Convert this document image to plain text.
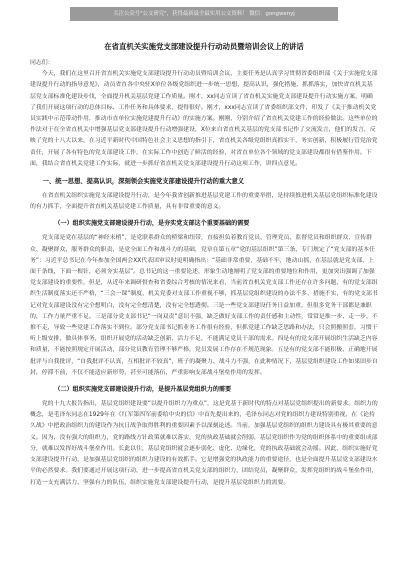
关注公众号"公文研究"，获得最新最全最实用公文资料！ 微信：gongwenyj
在省直机关实施党支部建设提升行动动员暨培训会议上的讲话

同志们：

今天，我们在这里召开省直机关实施党支部建设提升行动动员暨培训会议，主要任务是认真学习贯彻省委组织部《关于实施党支部建设提升行动的指导意见》，动员省直各中央驻X单位各级党组织进一步统一思想，提高认识，强化措施，抓抓落实，加快省直机关基层党支部标准化建设步伐，全面提升机关基层党建工作质量。刚才，xx同志宣读了省直机关实施党支部建设提升行动实施方案，明确了我们开展这项行动的总体目标、工作任务和具体要求，提得很好。刚才，xxx同志宣读了省委组织部文件，印发了《关于推动机关党员实践中示范带动作用，推动市直单位实施党建提升行动》的实施方案。刚刚，分别介绍了省直机关党建工作的经验做法。这些单位的作法对于在全省直机关中增强基层党支部建设提升行动增强建设，X位来自省直机关基层的党支部书记作了交流发言，他们的发言，反映了党的十八大以来，在习近平新时代中国特色社会主义思想的指引下，省直机关各级党组织真抓实干，务实创新，积极履行管党治党责任，开展了各有特色的党支部建设工作，在实际工作中创造了鲜活的经验，对省直单位各个领域的党支部建设都很有借鉴作用。下面，我结合省直机关党建工作实际，就进一步抓好省直机关党支部建设提升行动这项工作，讲四点意见。

一、统一思想、提高认识，深刻领会实施党支部建设提升行动的重大意义

在省直机关组织实施党支部建设提升行动，是今年我省创新推进基层党建工作的重要举措，是持续推进机关基层党组织标准化建设的有力抓手，全面提升省直机关基层党建工作质量，具有非常重要的意义。

（一）组织实施党支部建设提升行动，是夯实党支部这个重要基础的需要

党支部是党在基层的“神经末梢”，是党联系群众的桥梁和纽带，直接担负着教育党员、管理党员、监督党员和组织群众、宣传群众、凝聚群众、服务群众的职责，是党全面工作和战斗力的基础，党章在第五章“党的基层组织”第三条，专门规定了“党支部的基本任务”：习近平总书记在今年参加全国两会XX代表团审议时更明确指出：“基础非常重要，基础不牢，地动山摇，在基层就是党支部，上面千条线，下面一根针，必须夯实基层”。总书记的这一重要论述，形象生动地阐明了党支部的重要地位和作用，更加突出强调了加强党支部建设的重要性，但是，从近年来调研督查和省委综合考核的情况来看，当前省直机关党支部工作还存在许多问题，有的党支部组织生活制度落实还不严格，“三会一课”制度、机关党委对支部工作重视不够，抓基层党组织建设的办法不多、措施不实，有的党支部书记对党支部建设没有完全想明白，没有完全想清楚，没有完全想透彻。三是一些党支部建设任务日益加重，但很多党务干部都是兼职的，工作力量严重不足。三是部分党支部书记“一岗双责”意识不强，缺乏做好支部工作的责任感和主动性，常常是推一步、走一步，不推不走，导致一些党建工作落实不到位。部分党支部书记抓业务工作很有经验，但抓党建工作缺乏思路和办法，只会照搬照套，习惯于听上级安排、做具体事务，组织开展党的活动缺乏创新，活力不足，不能满足党员干部的需求。四是有的党支部开展组织生活缺乏内容和质量，不能按照规定开展活动，部分党员教育管理不够严格，党员发展工作存在不规范现象。五是有的党支部不能积极、正确地开展批评与自我批评，“自我批评不认真，互相批评不较真”，班子的凝聚力、战斗力不强，在此种情况下，基层党组织建设工作如果固步自封，停滞不前，不仅不能适应新形势，甚至可能落伍，严重影响支部战斗堡垒作用的发挥。

（二）组织实施党支部建设提升行动，是提升基层党组织力的需要

党的十九大报告指出，基层党组织建设要“以提升组织力为重点”，这是党基于新时代的特点对基层党组织提出的新要求。组织力的概念，是毛泽东同志在1929年在《红军第四军前委给中央的信》中首先提出来的，毛泽东同志对党的组织力建设特别重视，在《论持久战》中把政治组织力的建设作为抗日战争取得胜利的重要因素予以深刻论述。当前，加强基层党组织的组织力建设具有极其重要的意义。因为，没有强大的组织力，党的路线方针政策就难以落实，党的执政基础就会削弱，基层党组织作为党的组织体系中的重要组成部分，就难以发挥好战斗堡垒作用。长此以往，基层党组织就会逐步弱化、虚化、边缘化，党的执政基础就会动摇。因此，组织实施好党支部建设提升行动，是加强基层党组织的组织力建设的有效抓手。它是增强党的执政能力的重要途径，也是全面提升基层党支部建设水平的必然要求。我们要通过开展这项行动，进一步提高省直机关党支部的组织力，团结党员，凝聚群众，发挥党组织的战斗堡垒作用，打造一支充满活力、坚强有力的队伍，组织实施党支部建设提升行动，是提升基层党组织力的需要。
